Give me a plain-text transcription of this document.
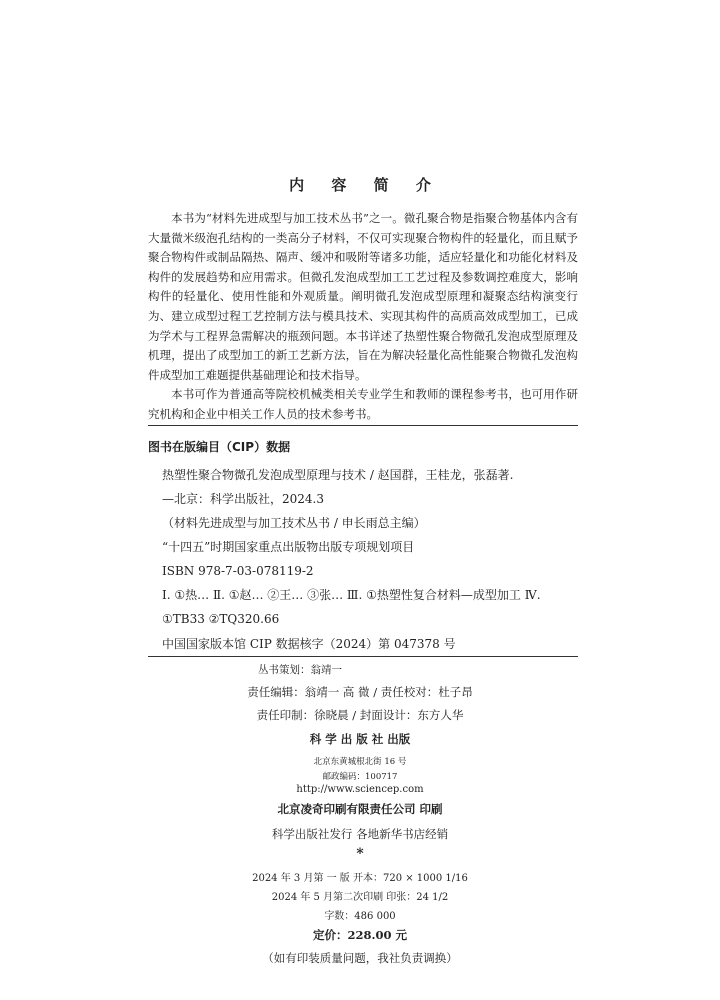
内 容 简 介
本书为“材料先进成型与加工技术丛书”之一。微孔聚合物是指聚合物基体内含有大量微米级泡孔结构的一类高分子材料，不仅可实现聚合物构件的轻量化，而且赋予聚合物构件或制品隔热、隔声、缓冲和吸附等诸多功能，适应轻量化和功能化材料及构件的发展趋势和应用需求。但微孔发泡成型加工工艺过程及参数调控难度大，影响构件的轻量化、使用性能和外观质量。阐明微孔发泡成型原理和凝聚态结构演变行为、建立成型过程工艺控制方法与模具技术、实现其构件的高质高效成型加工，已成为学术与工程界急需解决的瓶颈问题。本书详述了热塑性聚合物微孔发泡成型原理及机理，提出了成型加工的新工艺新方法，旨在为解决轻量化高性能聚合物微孔发泡构件成型加工难题提供基础理论和技术指导。
本书可作为普通高等院校机械类相关专业学生和教师的课程参考书，也可用作研究机构和企业中相关工作人员的技术参考书。
图书在版编目（CIP）数据
热塑性聚合物微孔发泡成型原理与技术 / 赵国群，王桂龙，张磊著.
—北京：科学出版社，2024.3
（材料先进成型与加工技术丛书 / 申长雨总主编）
“十四五”时期国家重点出版物出版专项规划项目
ISBN 978-7-03-078119-2
Ⅰ. ①热… Ⅱ. ①赵… ②王… ③张… Ⅲ. ①热塑性复合材料—成型加工 Ⅳ. ①TB33 ②TQ320.66
中国国家版本馆 CIP 数据核字（2024）第 047378 号
丛书策划：翁靖一
责任编辑：翁靖一 高 微 / 责任校对：杜子昂
责任印制：徐晓晨 / 封面设计：东方人华
科 学 出 版 社 出版
北京东黄城根北街 16 号
邮政编码：100717
http://www.sciencep.com
北京凌奇印刷有限责任公司 印刷
科学出版社发行 各地新华书店经销
*
2024 年 3 月第 一 版 开本：720 × 1000 1/16
2024 年 5 月第二次印刷 印张：24 1/2
字数：486 000
定价：228.00 元
（如有印装质量问题，我社负责调换）
